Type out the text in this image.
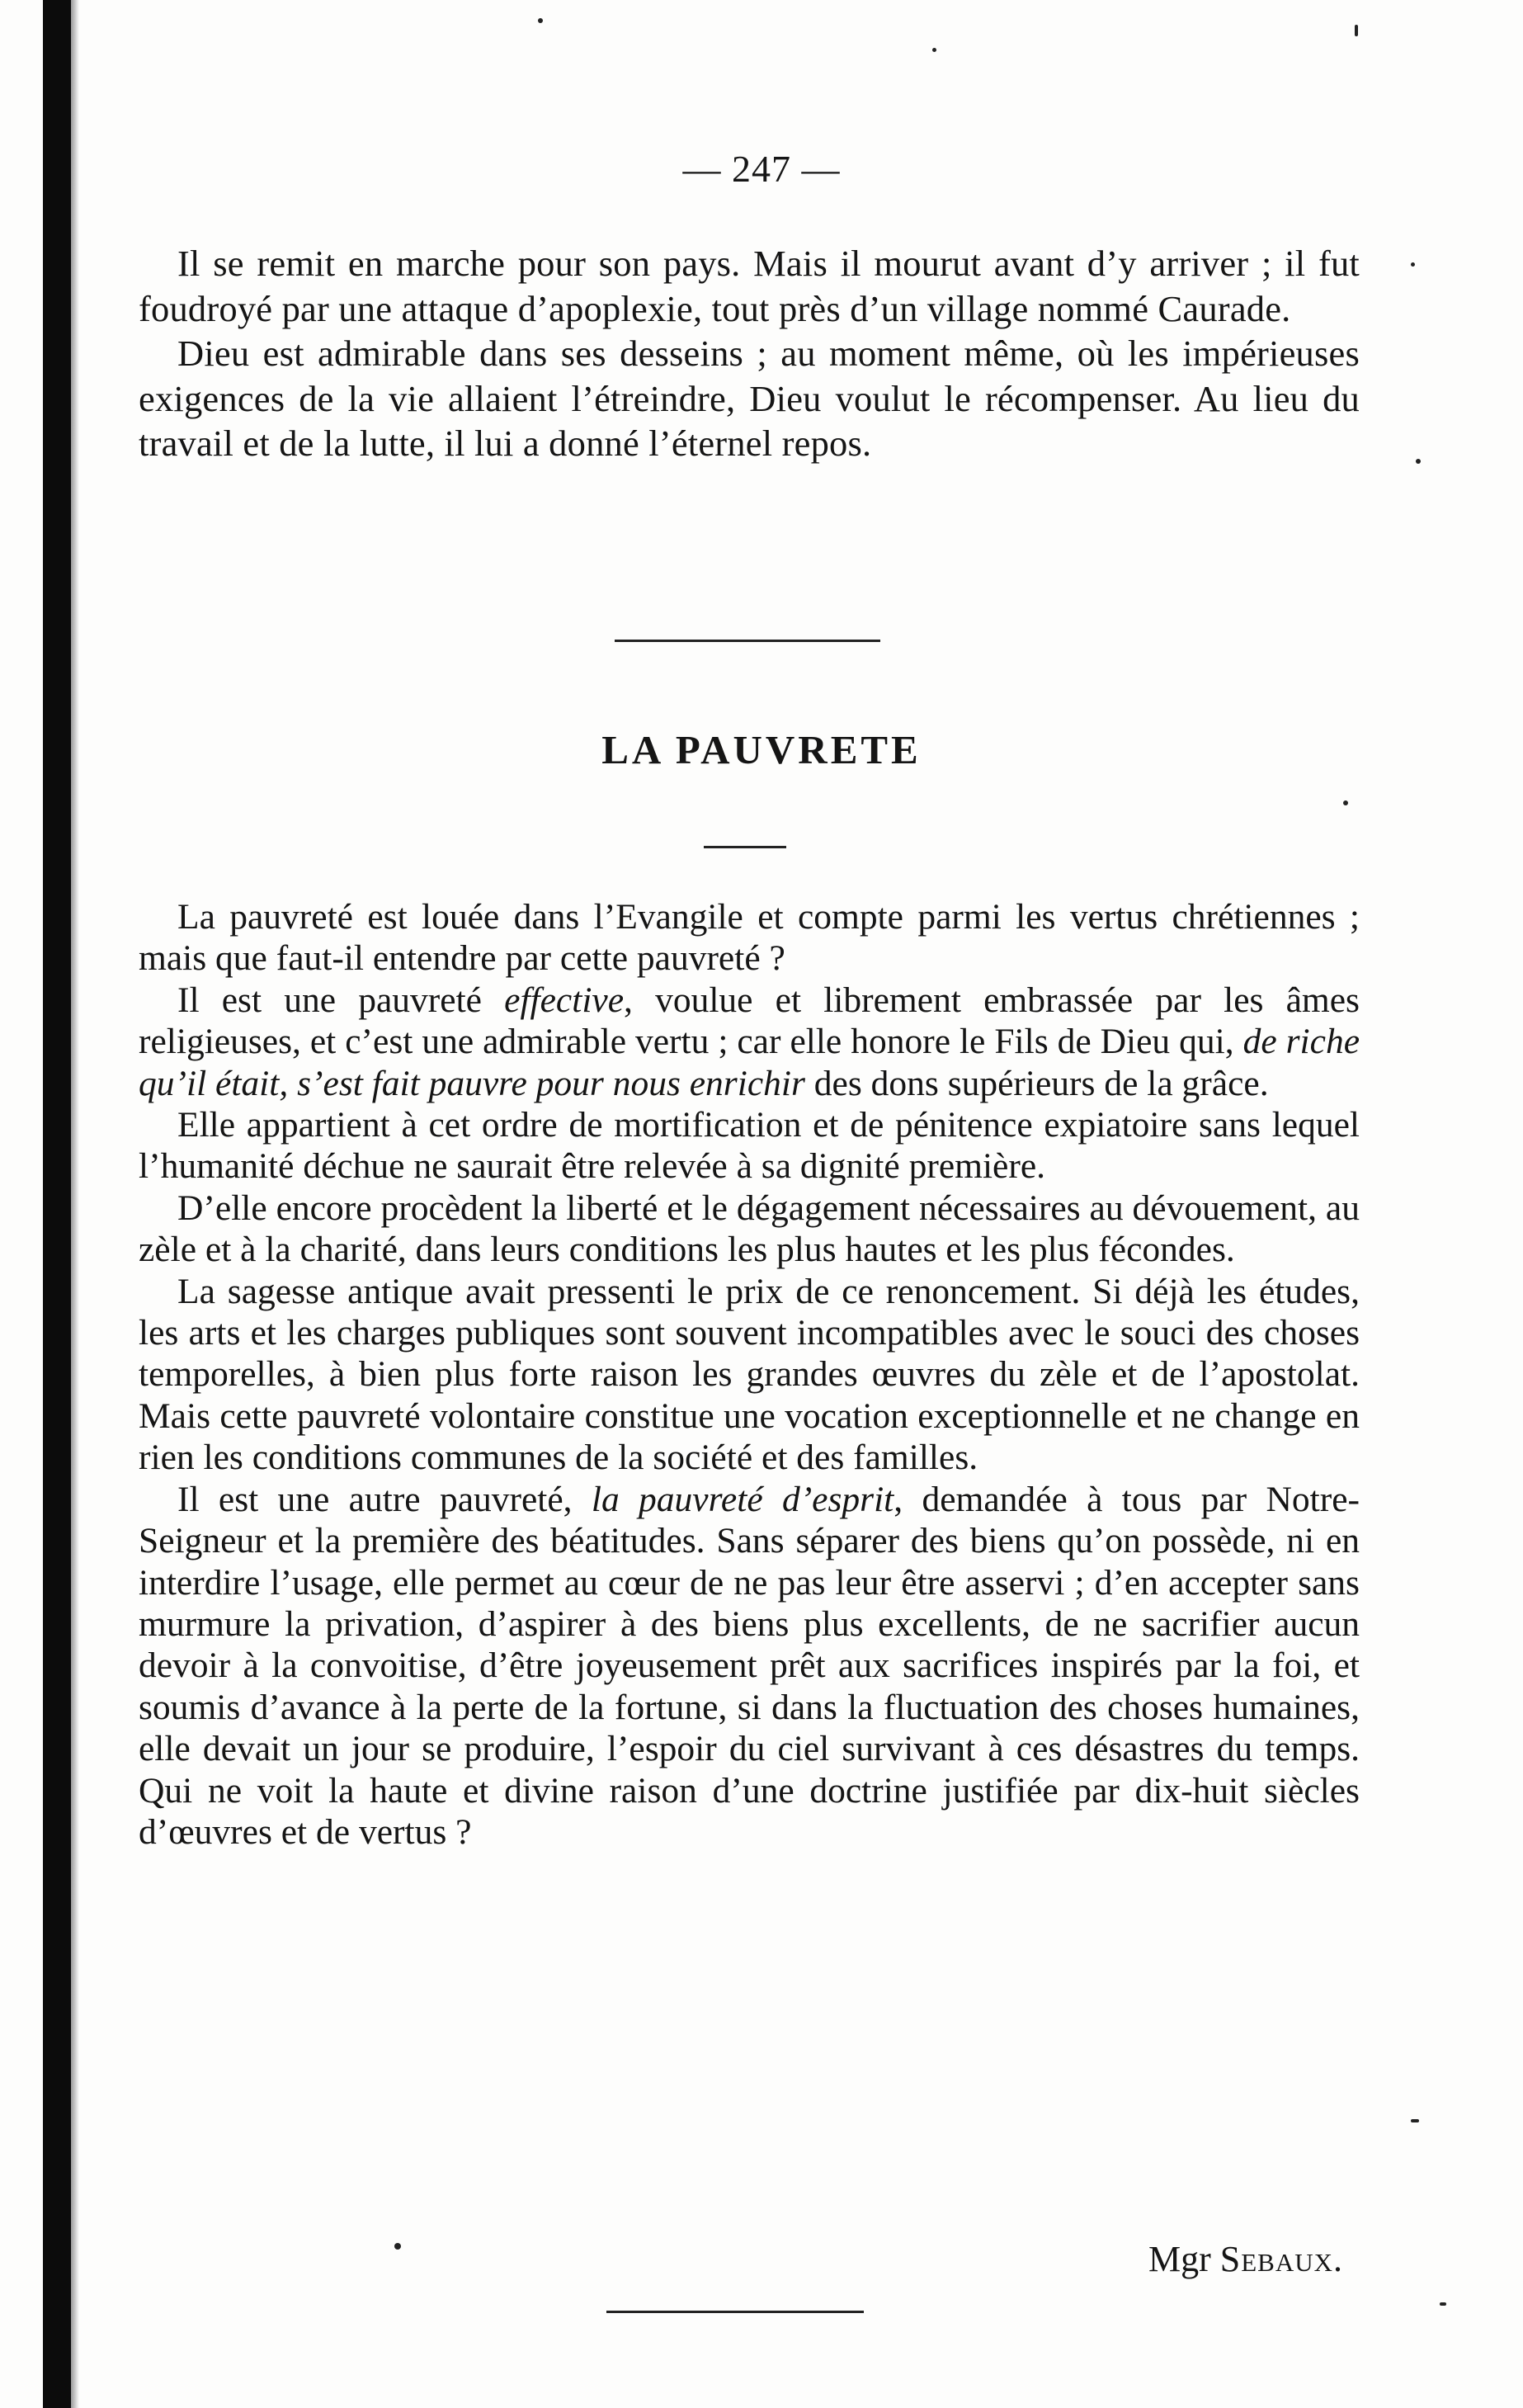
— 247 —

Il se remit en marche pour son pays. Mais il mourut avant d’y arriver ; il fut foudroyé par une attaque d’apoplexie, tout près d’un village nommé Caurade.

Dieu est admirable dans ses desseins ; au moment même, où les impérieuses exigences de la vie allaient l’étreindre, Dieu voulut le récompenser. Au lieu du travail et de la lutte, il lui a donné l’éternel repos.

LA PAUVRETE

La pauvreté est louée dans l’Evangile et compte parmi les vertus chrétiennes ; mais que faut-il entendre par cette pauvreté ?

Il est une pauvreté effective, voulue et librement embrassée par les âmes religieuses, et c’est une admirable vertu ; car elle honore le Fils de Dieu qui, de riche qu’il était, s’est fait pauvre pour nous enrichir des dons supérieurs de la grâce.

Elle appartient à cet ordre de mortification et de pénitence expiatoire sans lequel l’humanité déchue ne saurait être relevée à sa dignité première.

D’elle encore procèdent la liberté et le dégagement nécessaires au dévouement, au zèle et à la charité, dans leurs conditions les plus hautes et les plus fécondes.

La sagesse antique avait pressenti le prix de ce renoncement. Si déjà les études, les arts et les charges publiques sont souvent incompatibles avec le souci des choses temporelles, à bien plus forte raison les grandes œuvres du zèle et de l’apostolat. Mais cette pauvreté volontaire constitue une vocation exceptionnelle et ne change en rien les conditions communes de la société et des familles.

Il est une autre pauvreté, la pauvreté d’esprit, demandée à tous par Notre-Seigneur et la première des béatitudes. Sans séparer des biens qu’on possède, ni en interdire l’usage, elle permet au cœur de ne pas leur être asservi ; d’en accepter sans murmure la privation, d’aspirer à des biens plus excellents, de ne sacrifier aucun devoir à la convoitise, d’être joyeusement prêt aux sacrifices inspirés par la foi, et soumis d’avance à la perte de la fortune, si dans la fluctuation des choses humaines, elle devait un jour se produire, l’espoir du ciel survivant à ces désastres du temps. Qui ne voit la haute et divine raison d’une doctrine justifiée par dix-huit siècles d’œuvres et de vertus ?

Mgr Sebaux.
